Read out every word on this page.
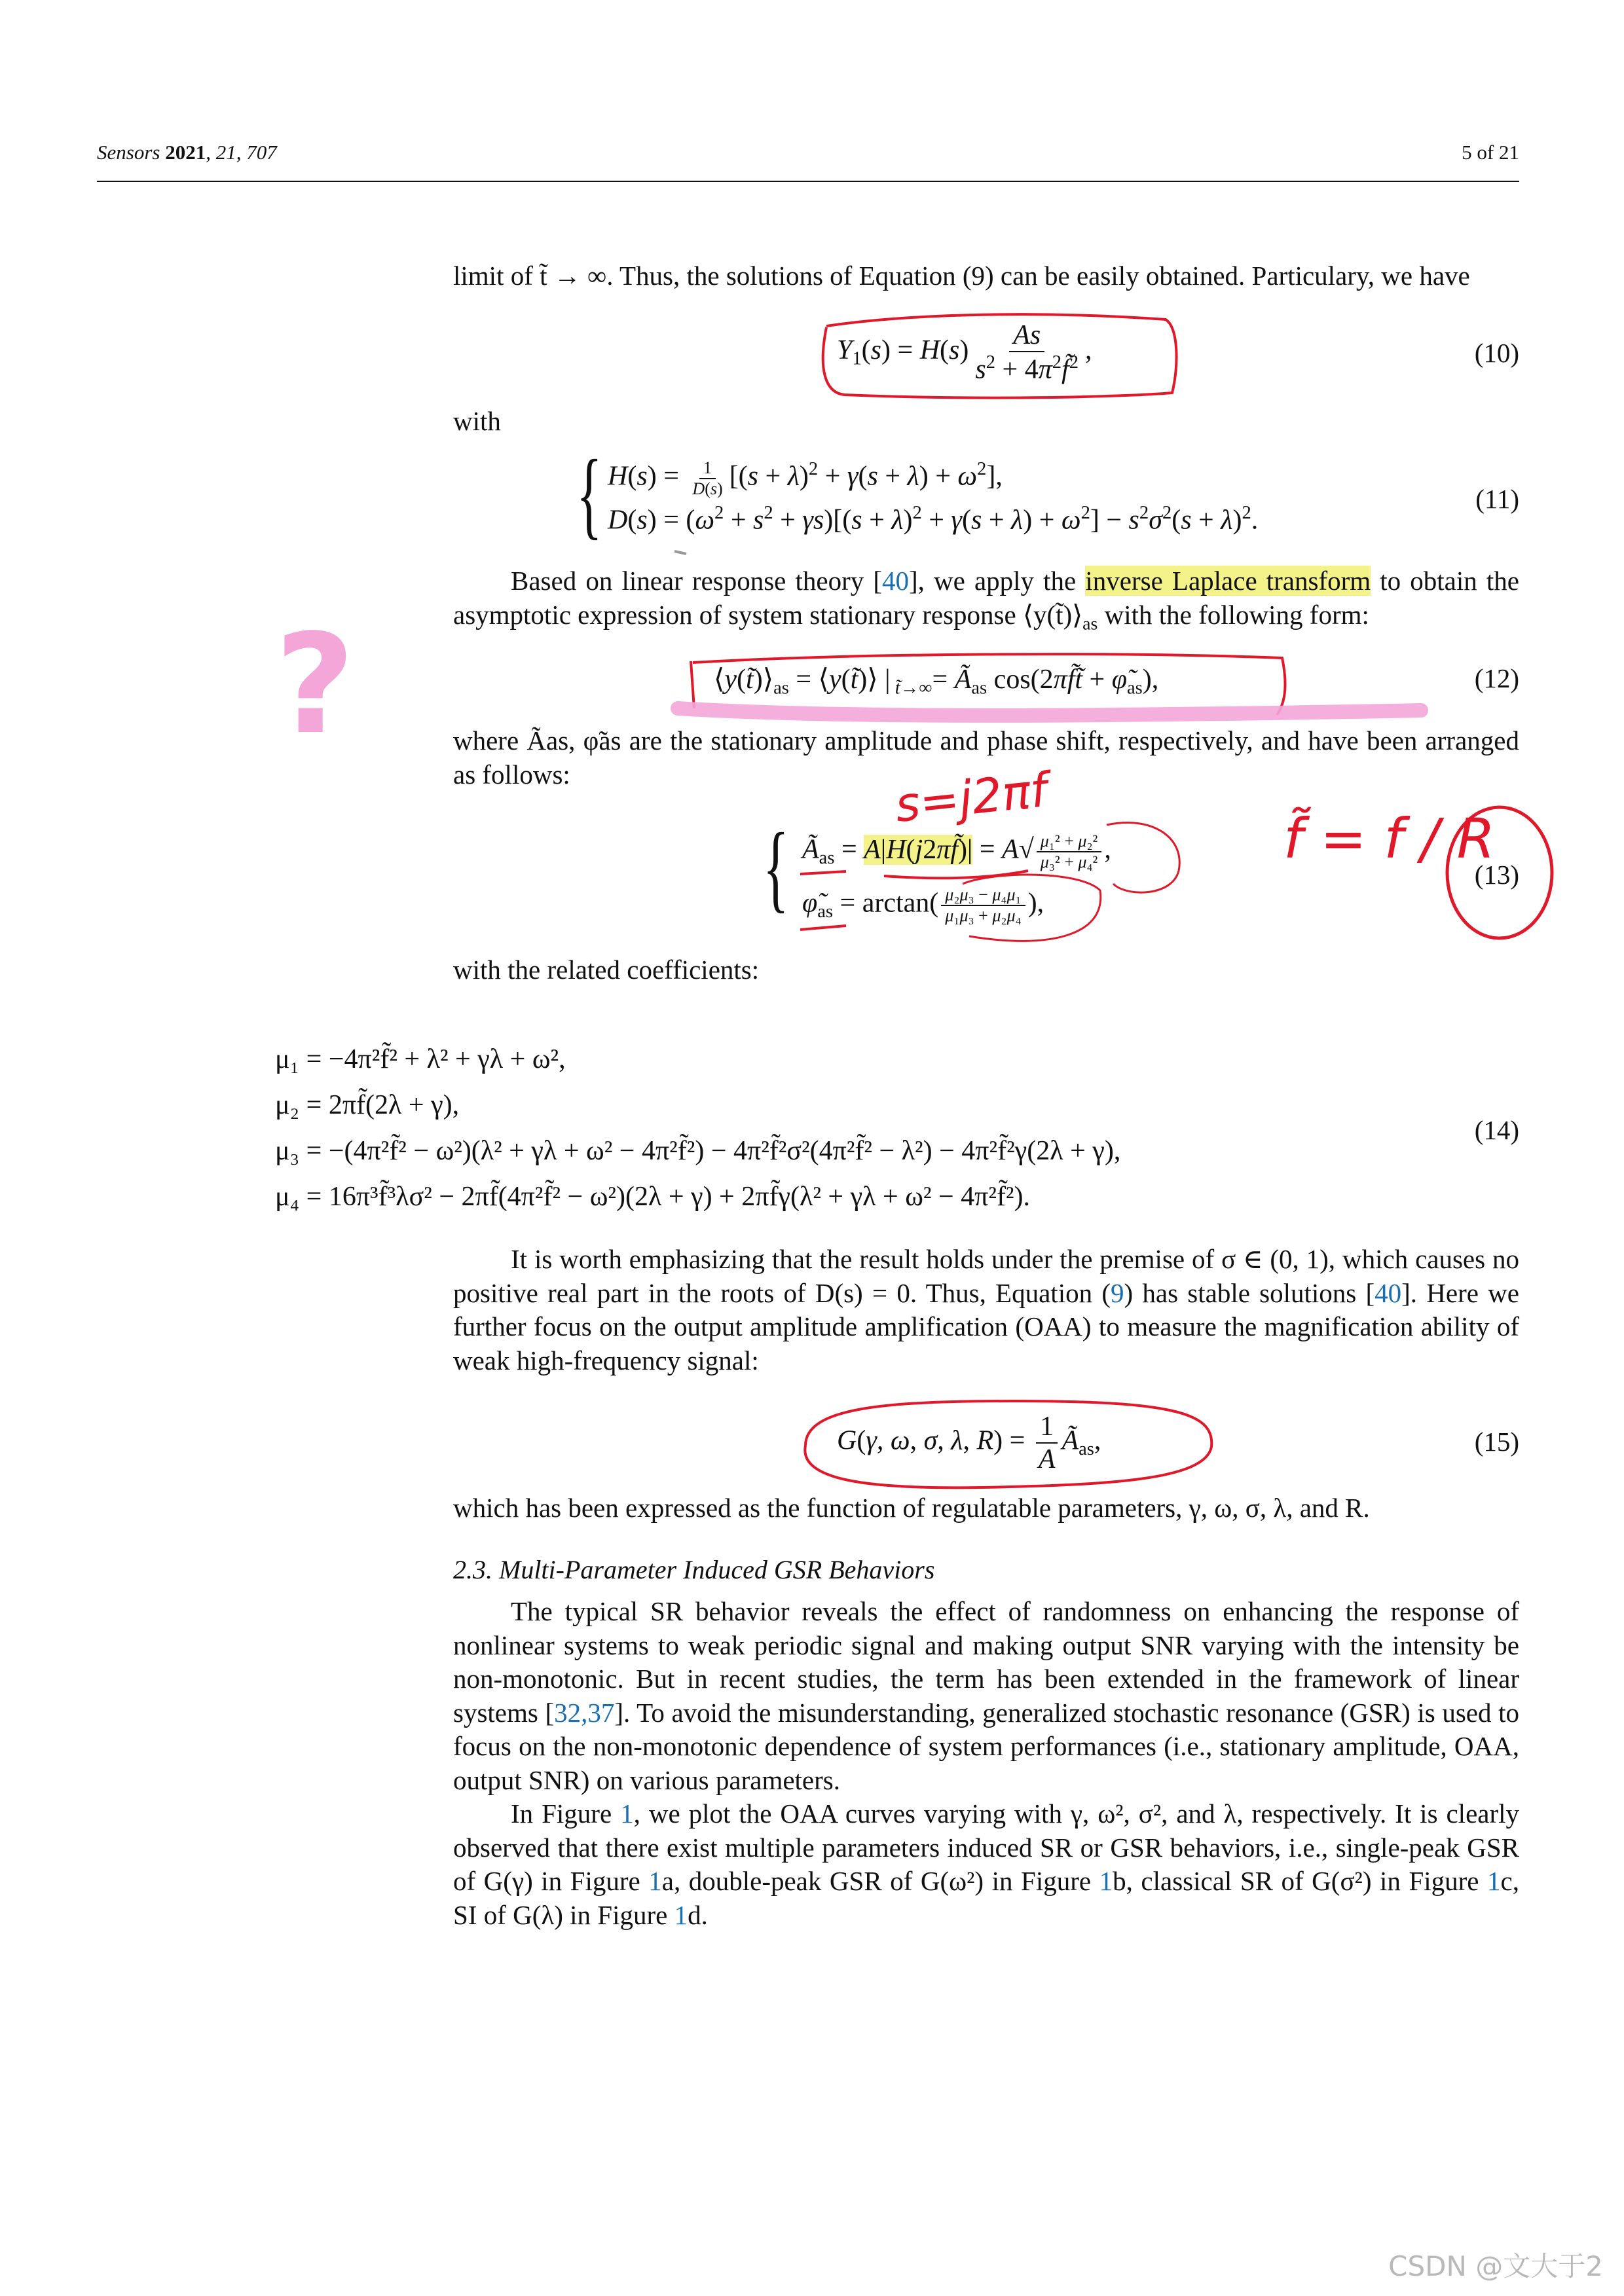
Sensors 2021, 21, 707	5 of 21
limit of t̃ → ∞. Thus, the solutions of Equation (9) can be easily obtained. Particulary, we have
$Y_1(s) = H(s) \frac{As}{s^2 + 4\pi^2f̃^2}$ ,	(10)
with
{ $H(s) = \frac{1}{D(s)} [(s + \lambda)^2 + \gamma(s + \lambda) + \omega^2]$,
$D(s) = (\omega^2 + s^2 + \gamma s)[(s + \lambda)^2 + \gamma(s + \lambda) + \omega^2] - s^2\sigma^2(s + \lambda)^2$.
(11)
Based on linear response theory [40], we apply the inverse Laplace transform to obtain the asymptotic expression of system stationary response $⟨y(t̃)⟩_{as}$ with the following form:
$⟨y(t̃)⟩_{as}$ = ⟨y(t̃)⟩ | $_{t̃\to\infty}= Ã_{as}$ cos(2πf̃t̃ + $\varphĩ_{as}$),	(12)
where Ãas, φ̃as are the stationary amplitude and phase shift, respectively, and have been arranged as follows:
{ $Ã_{as}$ = A|H(j2πf̃)| = $A√ \frac{\text{μ₁² + μ₂²}}{\text{μ₃² + μ₄²}}$ ,
$\varphĩ_{as} = \arctan( \frac{\text{μ₂μ₃ − μ₄μ₁}}{\text{μ₁μ₃ + μ₂μ₄}}$ ),
(13)
with the related coefficients:
μ₁ = −4π²f̃² + λ² + γλ + ω²,
μ₂ = 2πf̃(2λ + γ),
μ₃ = −(4π²f̃² − ω²)(λ² + γλ + ω² − 4π²f̃²) − 4π²f̃²σ²(4π²f̃² − λ²) − 4π²f̃²γ(2λ + γ),
μ₄ = 16π³f̃³λσ² − 2πf̃(4π²f̃² − ω²)(2λ + γ) + 2πf̃γ(λ² + γλ + ω² − 4π²f̃²).
(14)
It is worth emphasizing that the result holds under the premise of σ ∈ (0, 1), which causes no positive real part in the roots of D(s) = 0. Thus, Equation (9) has stable solutions [40]. Here we further focus on the output amplitude amplification (OAA) to measure the magnification ability of weak high-frequency signal:
G(γ, ω, σ, λ, $R) = \frac{1}{A}$ $Ã_{as}$,	(15)
which has been expressed as the function of regulatable parameters, γ, ω, σ, λ, and R.
2.3. Multi-Parameter Induced GSR Behaviors
The typical SR behavior reveals the effect of randomness on enhancing the response of nonlinear systems to weak periodic signal and making output SNR varying with the intensity be non-monotonic. But in recent studies, the term has been extended in the framework of linear systems [32,37]. To avoid the misunderstanding, generalized stochastic resonance (GSR) is used to focus on the non-monotonic dependence of system performances (i.e., stationary amplitude, OAA, output SNR) on various parameters.
In Figure 1, we plot the OAA curves varying with γ, ω², σ², and λ, respectively. It is clearly observed that there exist multiple parameters induced SR or GSR behaviors, i.e., single-peak GSR of G(γ) in Figure 1a, double-peak GSR of G(ω²) in Figure 1b, classical SR of G(σ²) in Figure 1c, SI of G(λ) in Figure 1d.
s=j2πf
f̃ = f / R
?
CSDN @文大于2
